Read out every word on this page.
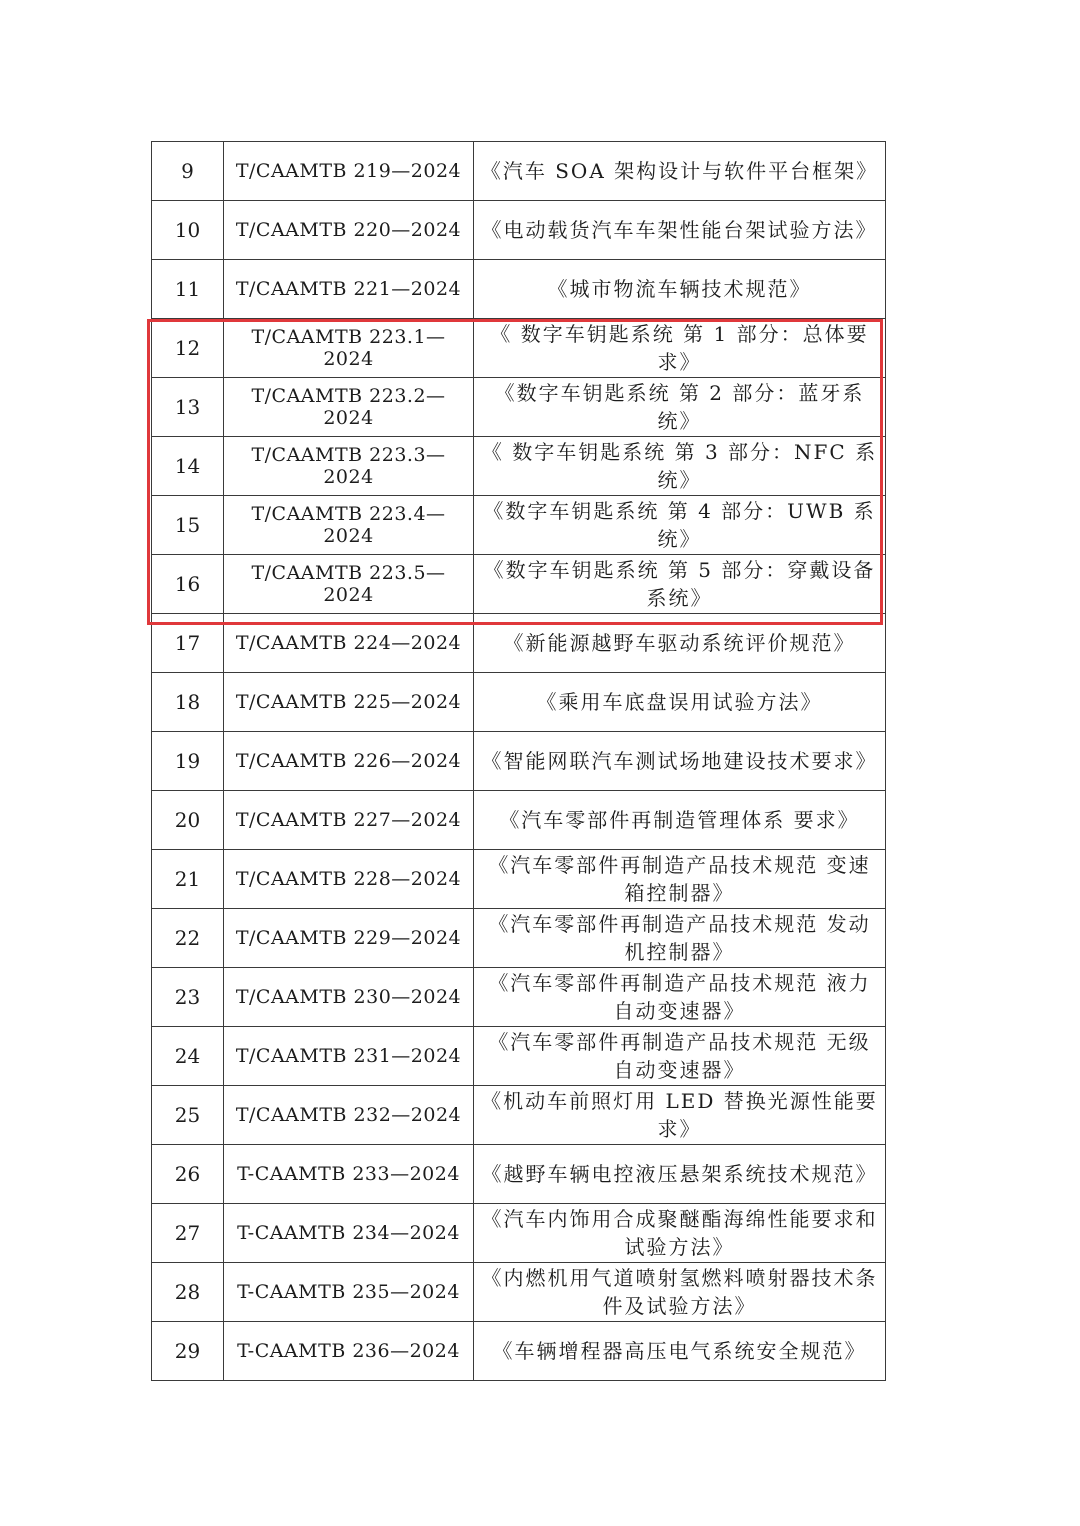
9	T/CAAMTB 219—2024	《汽车 SOA 架构设计与软件平台框架》
10	T/CAAMTB 220—2024	《电动载货汽车车架性能台架试验方法》
11	T/CAAMTB 221—2024	《城市物流车辆技术规范》
12	T/CAAMTB 223.1—2024	《 数字车钥匙系统 第 1 部分：总体要求》
13	T/CAAMTB 223.2—2024	《数字车钥匙系统 第 2 部分：蓝牙系统》
14	T/CAAMTB 223.3—2024	《 数字车钥匙系统 第 3 部分：NFC 系统》
15	T/CAAMTB 223.4—2024	《数字车钥匙系统 第 4 部分：UWB 系统》
16	T/CAAMTB 223.5—2024	《数字车钥匙系统 第 5 部分：穿戴设备系统》
17	T/CAAMTB 224—2024	《新能源越野车驱动系统评价规范》
18	T/CAAMTB 225—2024	《乘用车底盘误用试验方法》
19	T/CAAMTB 226—2024	《智能网联汽车测试场地建设技术要求》
20	T/CAAMTB 227—2024	《汽车零部件再制造管理体系 要求》
21	T/CAAMTB 228—2024	《汽车零部件再制造产品技术规范 变速箱控制器》
22	T/CAAMTB 229—2024	《汽车零部件再制造产品技术规范 发动机控制器》
23	T/CAAMTB 230—2024	《汽车零部件再制造产品技术规范 液力自动变速器》
24	T/CAAMTB 231—2024	《汽车零部件再制造产品技术规范 无级自动变速器》
25	T/CAAMTB 232—2024	《机动车前照灯用 LED 替换光源性能要求》
26	T-CAAMTB 233—2024	《越野车辆电控液压悬架系统技术规范》
27	T-CAAMTB 234—2024	《汽车内饰用合成聚醚酯海绵性能要求和试验方法》
28	T-CAAMTB 235—2024	《内燃机用气道喷射氢燃料喷射器技术条件及试验方法》
29	T-CAAMTB 236—2024	《车辆增程器高压电气系统安全规范》
